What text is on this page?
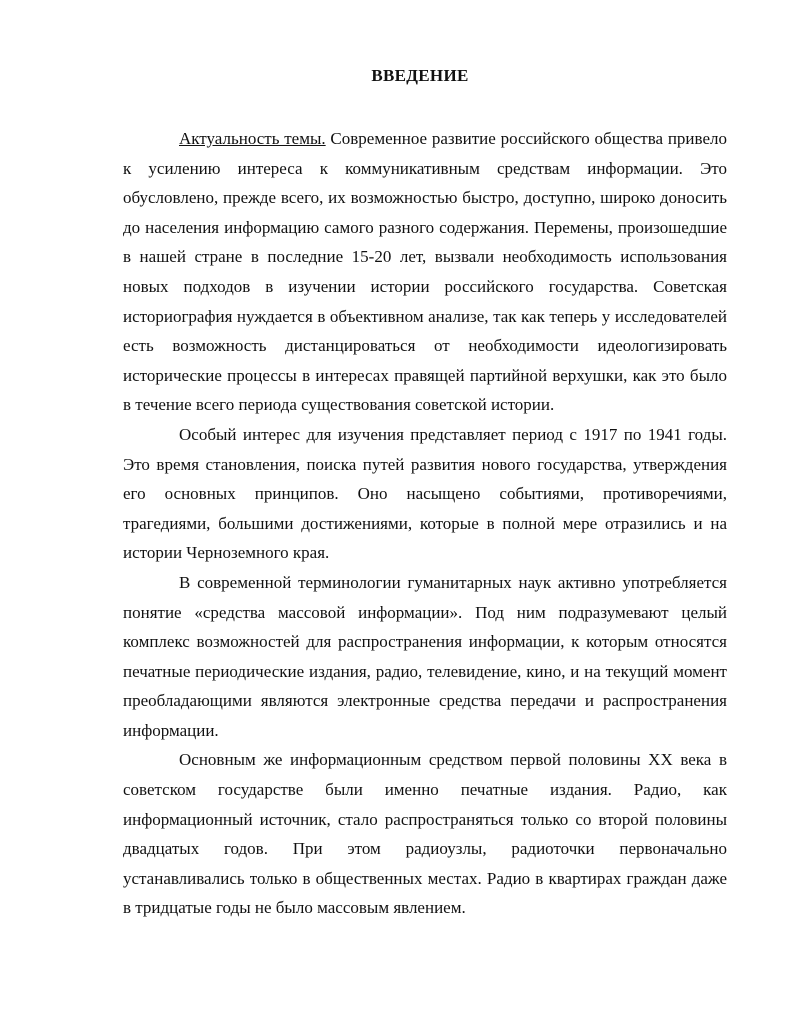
ВВЕДЕНИЕ

Актуальность темы. Современное развитие российского общества привело к усилению интереса к коммуникативным средствам информации. Это обусловлено, прежде всего, их возможностью быстро, доступно, широко доносить до населения информацию самого разного содержания. Перемены, произошедшие в нашей стране в последние 15-20 лет, вызвали необходимость использования новых подходов в изучении истории российского государства. Советская историография нуждается в объективном анализе, так как теперь у исследователей есть возможность дистанцироваться от необходимости идеологизировать исторические процессы в интересах правящей партийной верхушки, как это было в течение всего периода существования советской истории.

Особый интерес для изучения представляет период с 1917 по 1941 годы. Это время становления, поиска путей развития нового государства, утверждения его основных принципов. Оно насыщено событиями, противоречиями, трагедиями, большими достижениями, которые в полной мере отразились и на истории Черноземного края.

В современной терминологии гуманитарных наук активно употребляется понятие «средства массовой информации». Под ним подразумевают целый комплекс возможностей для распространения информации, к которым относятся печатные периодические издания, радио, телевидение, кино, и на текущий момент преобладающими являются электронные средства передачи и распространения информации.

Основным же информационным средством первой половины XX века в советском государстве были именно печатные издания. Радио, как информационный источник, стало распространяться только со второй половины двадцатых годов. При этом радиоузлы, радиоточки первоначально устанавливались только в общественных местах. Радио в квартирах граждан даже в тридцатые годы не было массовым явлением.
